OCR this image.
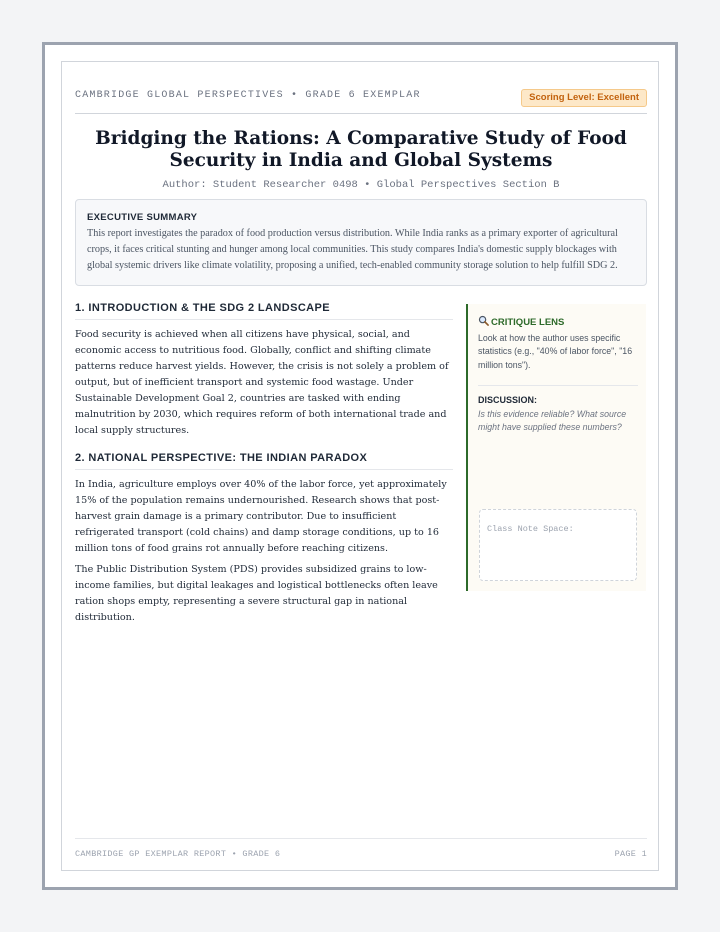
CAMBRIDGE GLOBAL PERSPECTIVES • GRADE 6 EXEMPLAR	Scoring Level: Excellent
Bridging the Rations: A Comparative Study of Food Security in India and Global Systems
Author: Student Researcher 0498 • Global Perspectives Section B
EXECUTIVE SUMMARY
This report investigates the paradox of food production versus distribution. While India ranks as a primary exporter of agricultural crops, it faces critical stunting and hunger among local communities. This study compares India's domestic supply blockages with global systemic drivers like climate volatility, proposing a unified, tech-enabled community storage solution to help fulfill SDG 2.
1. INTRODUCTION & THE SDG 2 LANDSCAPE

Food security is achieved when all citizens have physical, social, and economic access to nutritious food. Globally, conflict and shifting climate patterns reduce harvest yields. However, the crisis is not solely a problem of output, but of inefficient transport and systemic food wastage. Under Sustainable Development Goal 2, countries are tasked with ending malnutrition by 2030, which requires reform of both international trade and local supply structures.

2. NATIONAL PERSPECTIVE: THE INDIAN PARADOX

In India, agriculture employs over 40% of the labor force, yet approximately 15% of the population remains undernourished. Research shows that post-harvest grain damage is a primary contributor. Due to insufficient refrigerated transport (cold chains) and damp storage conditions, up to 16 million tons of food grains rot annually before reaching citizens.

The Public Distribution System (PDS) provides subsidized grains to low-income families, but digital leakages and logistical bottlenecks often leave ration shops empty, representing a severe structural gap in national distribution.

CRITIQUE LENS
Look at how the author uses specific statistics (e.g., "40% of labor force", "16 million tons").
DISCUSSION:
Is this evidence reliable? What source might have supplied these numbers?
Class Note Space:
CAMBRIDGE GP EXEMPLAR REPORT • GRADE 6	PAGE 1
